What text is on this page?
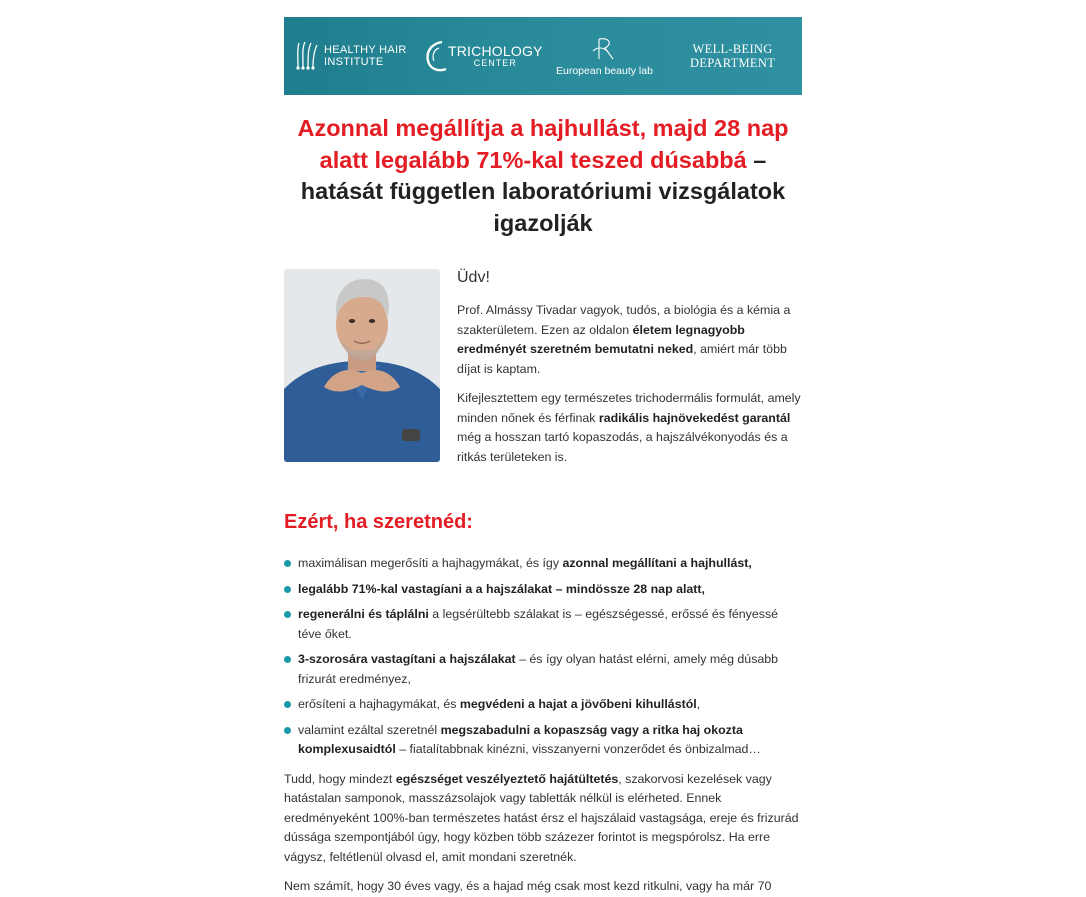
HEALTHY HAIR
INSTITUTE
TRICHOLOGY
CENTER
European beauty lab
WELL-BEING
DEPARTMENT
Azonnal megállítja a hajhullást, majd 28 nap alatt legalább 71%-kal teszed dúsabbá – hatását független laboratóriumi vizsgálatok igazolják

Üdv!

Prof. Almássy Tivadar vagyok, tudós, a biológia és a kémia a szakterületem. Ezen az oldalon életem legnagyobb eredményét szeretném bemutatni neked, amiért már több díjat is kaptam.

Kifejlesztettem egy természetes trichodermális formulát, amely minden nőnek és férfinak radikális hajnövekedést garantál még a hosszan tartó kopaszodás, a hajszálvékonyodás és a ritkás területeken is.

Ezért, ha szeretnéd:
maximálisan megerősíti a hajhagymákat, és így azonnal megállítani a hajhullást,
legalább 71%-kal vastagíani a a hajszálakat – mindössze 28 nap alatt,
regenerálni és táplálni a legsérültebb szálakat is – egészségessé, erőssé és fényessé téve őket.
3-szorosára vastagítani a hajszálakat – és így olyan hatást elérni, amely még dúsabb frizurát eredményez,
erősíteni a hajhagymákat, és megvédeni a hajat a jövőbeni kihullástól,
valamint ezáltal szeretnél megszabadulni a kopaszság vagy a ritka haj okozta komplexusaidtól – fiatalítabbnak kinézni, visszanyerni vonzerődet és önbizalmad…

Tudd, hogy mindezt egészséget veszélyeztető hajátültetés, szakorvosi kezelések vagy hatástalan samponok, masszázsolajok vagy tabletták nélkül is elérheted. Ennek eredményeként 100%-ban természetes hatást érsz el hajszálaid vastagsága, ereje és frizurád dússága szempontjából úgy, hogy közben több százezer forintot is megspórolsz. Ha erre vágysz, feltétlenül olvasd el, amit mondani szeretnék.

Nem számít, hogy 30 éves vagy, és a hajad még csak most kezd ritkulni, vagy ha már 70
